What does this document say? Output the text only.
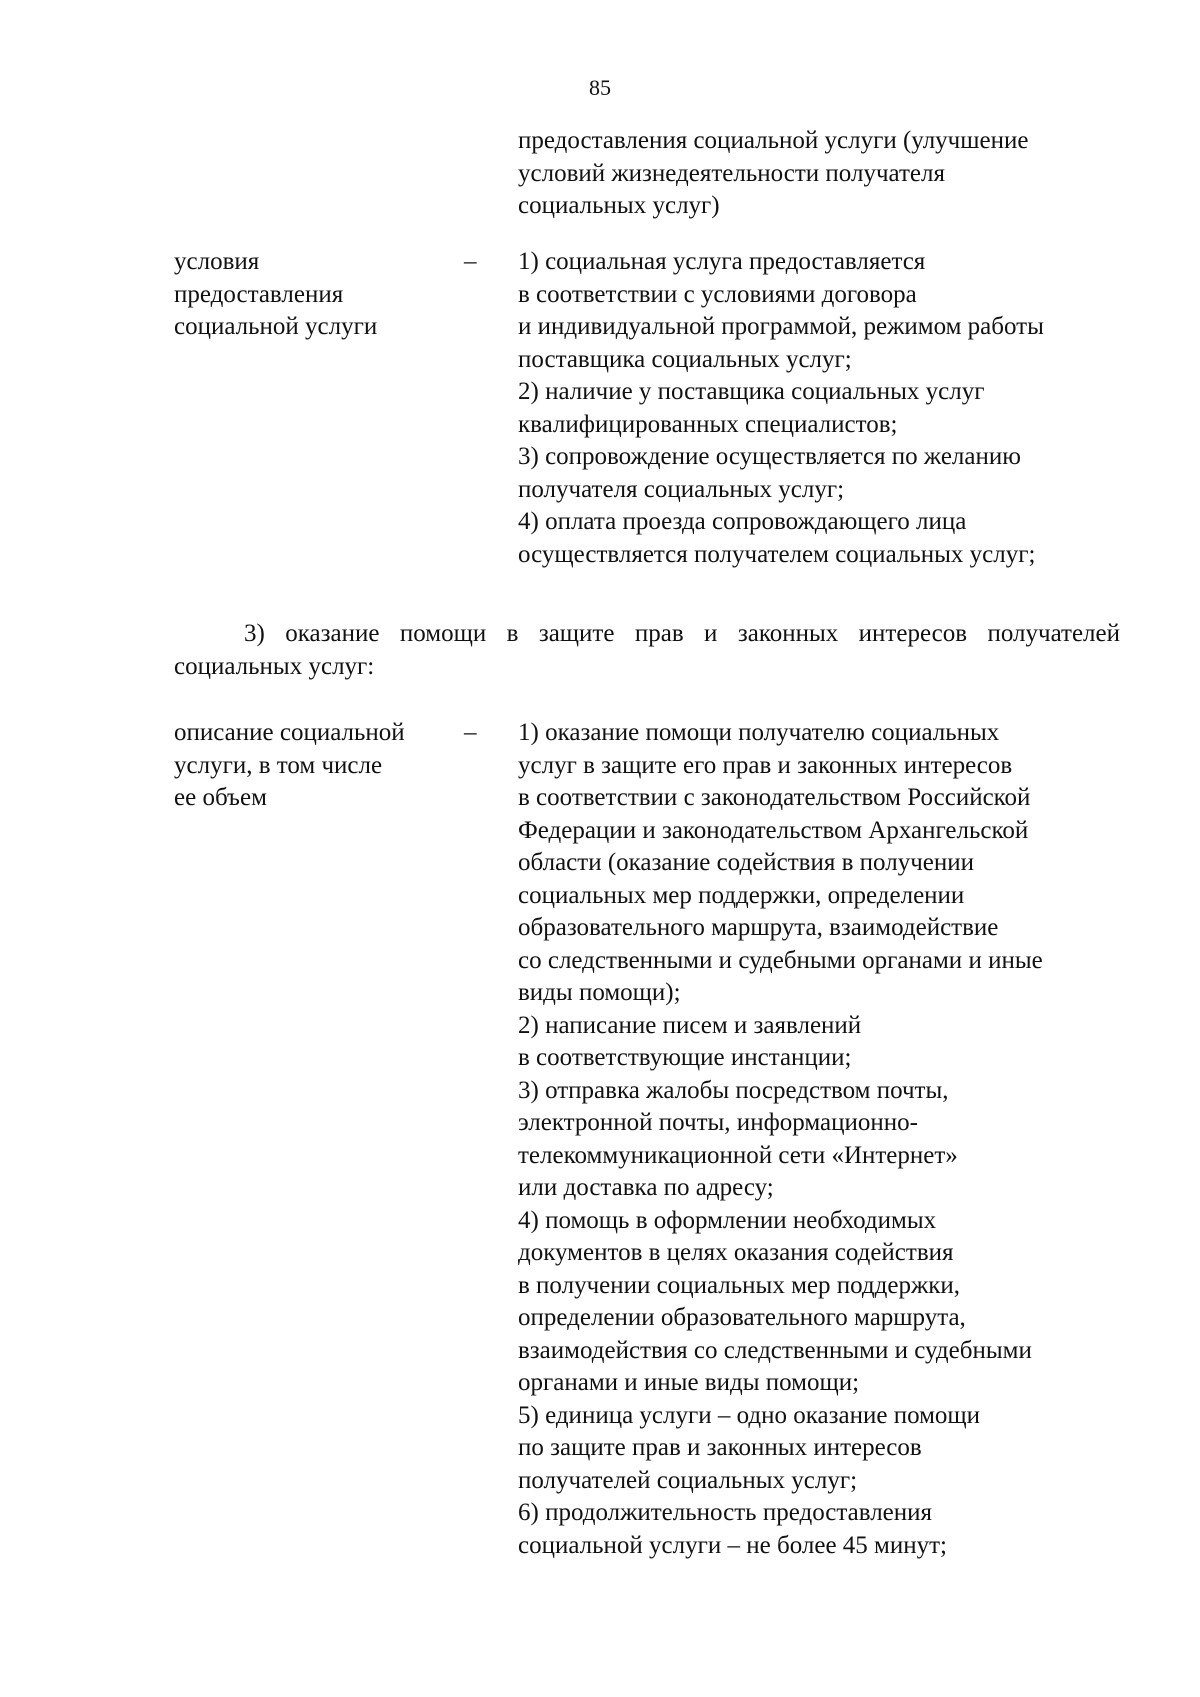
85
предоставления социальной услуги (улучшение
условий жизнедеятельности получателя
социальных услуг)
условия
предоставления
социальной услуги
– 1) социальная услуга предоставляется
в соответствии с условиями договора
и индивидуальной программой, режимом работы
поставщика социальных услуг;
2) наличие у поставщика социальных услуг
квалифицированных специалистов;
3) сопровождение осуществляется по желанию
получателя социальных услуг;
4) оплата проезда сопровождающего лица
осуществляется получателем социальных услуг;
3) оказание помощи в защите прав и законных интересов получателей
социальных услуг:
описание социальной
услуги, в том числе
ее объем
– 1) оказание помощи получателю социальных
услуг в защите его прав и законных интересов
в соответствии с законодательством Российской
Федерации и законодательством Архангельской
области (оказание содействия в получении
социальных мер поддержки, определении
образовательного маршрута, взаимодействие
со следственными и судебными органами и иные
виды помощи);
2) написание писем и заявлений
в соответствующие инстанции;
3) отправка жалобы посредством почты,
электронной почты, информационно-
телекоммуникационной сети «Интернет»
или доставка по адресу;
4) помощь в оформлении необходимых
документов в целях оказания содействия
в получении социальных мер поддержки,
определении образовательного маршрута,
взаимодействия со следственными и судебными
органами и иные виды помощи;
5) единица услуги – одно оказание помощи
по защите прав и законных интересов
получателей социальных услуг;
6) продолжительность предоставления
социальной услуги – не более 45 минут;
